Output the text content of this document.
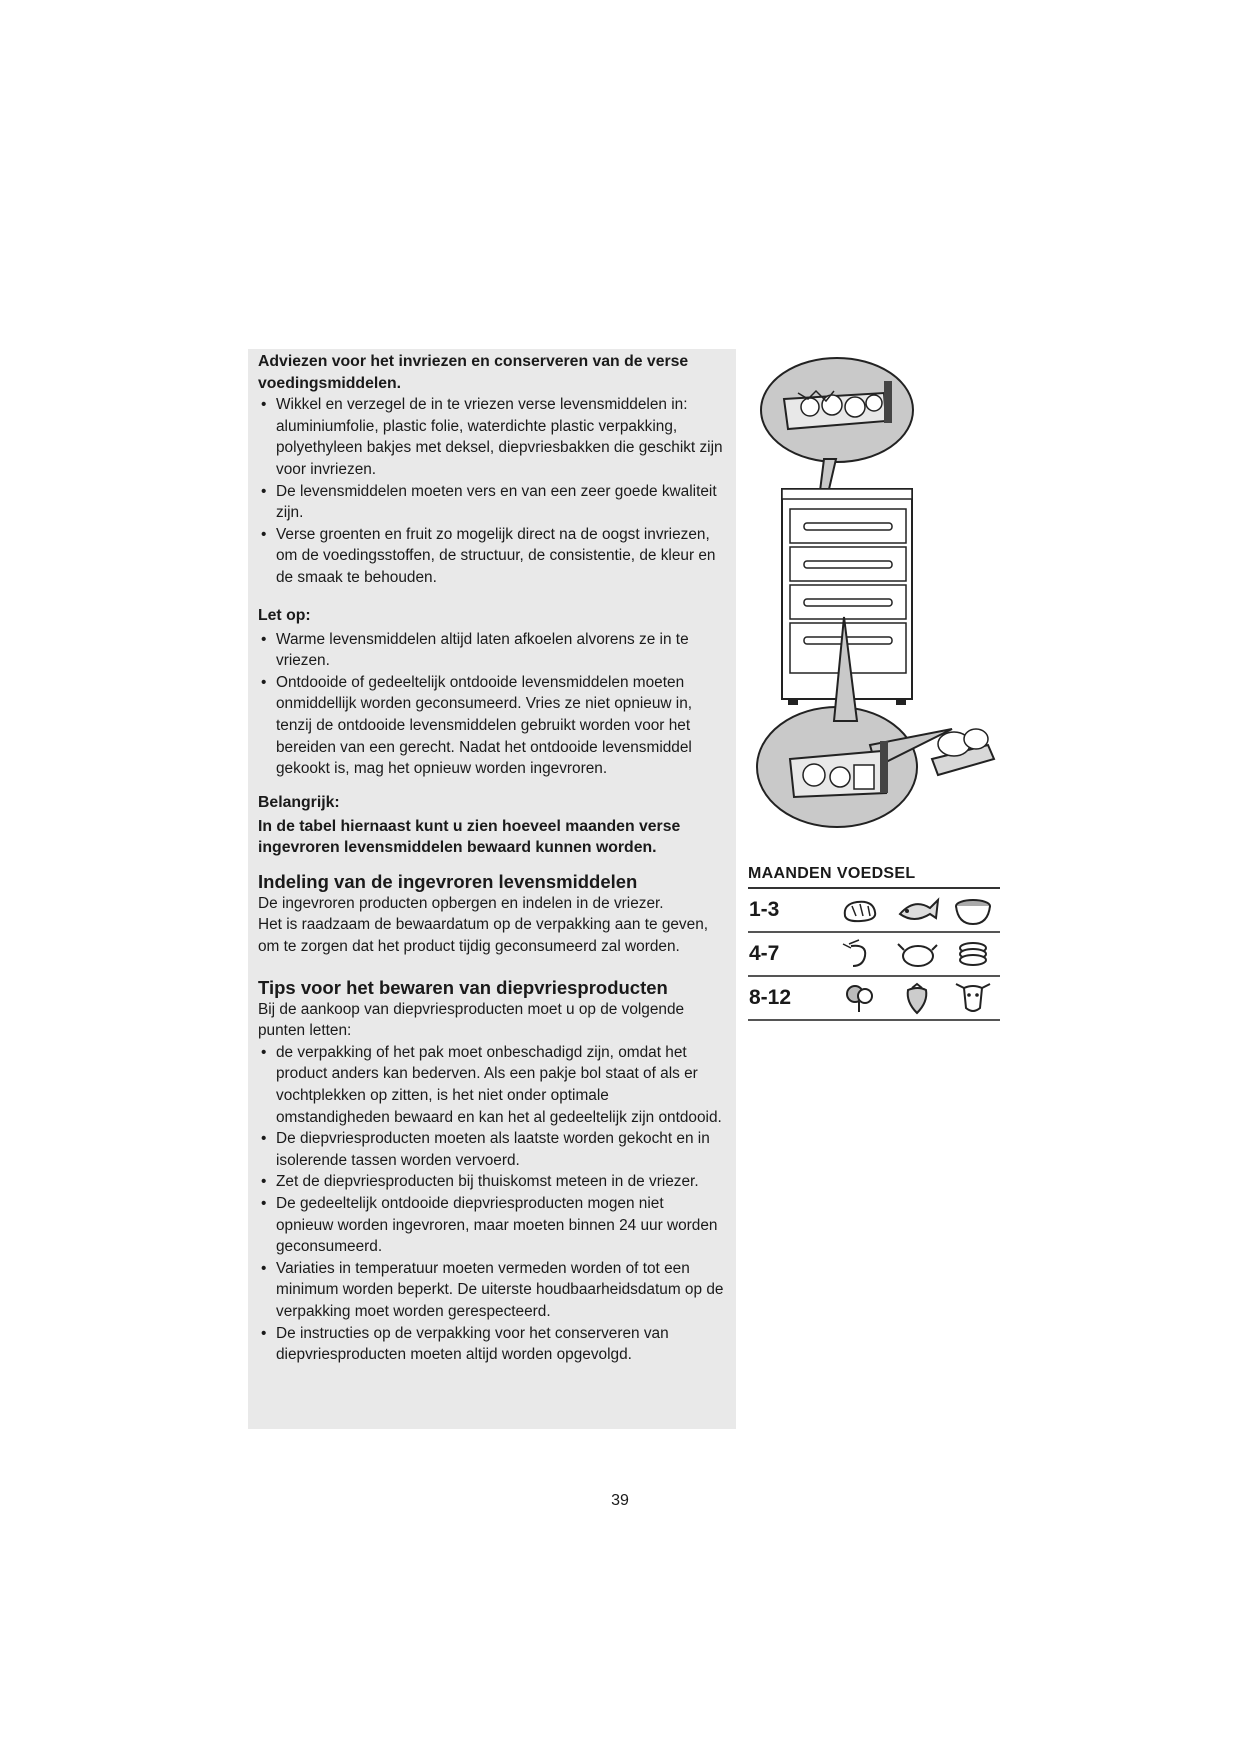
Adviezen voor het invriezen en conserveren van de verse voedingsmiddelen.

• Wikkel en verzegel de in te vriezen verse levensmiddelen in: aluminiumfolie, plastic folie, waterdichte plastic verpakking, polyethyleen bakjes met deksel, diepvriesbakken die geschikt zijn voor invriezen.
• De levensmiddelen moeten vers en van een zeer goede kwaliteit zijn.
• Verse groenten en fruit zo mogelijk direct na de oogst invriezen, om de voedingsstoffen, de structuur, de consistentie, de kleur en de smaak te behouden.

Let op:

• Warme levensmiddelen altijd laten afkoelen alvorens ze in te vriezen.
• Ontdooide of gedeeltelijk ontdooide levensmiddelen moeten onmiddellijk worden geconsumeerd. Vries ze niet opnieuw in, tenzij de ontdooide levensmiddelen gebruikt worden voor het bereiden van een gerecht. Nadat het ontdooide levensmiddel gekookt is, mag het opnieuw worden ingevroren.

Belangrijk:

In de tabel hiernaast kunt u zien hoeveel maanden verse ingevroren levensmiddelen bewaard kunnen worden.

Indeling van de ingevroren levensmiddelen

De ingevroren producten opbergen en indelen in de vriezer.

Het is raadzaam de bewaardatum op de verpakking aan te geven, om te zorgen dat het product tijdig geconsumeerd zal worden.

Tips voor het bewaren van diepvriesproducten

Bij de aankoop van diepvriesproducten moet u op de volgende punten letten:

• de verpakking of het pak moet onbeschadigd zijn, omdat het product anders kan bederven. Als een pakje bol staat of als er vochtplekken op zitten, is het niet onder optimale omstandigheden bewaard en kan het al gedeeltelijk zijn ontdooid.
• De diepvriesproducten moeten als laatste worden gekocht en in isolerende tassen worden vervoerd.
• Zet de diepvriesproducten bij thuiskomst meteen in de vriezer.
• De gedeeltelijk ontdooide diepvriesproducten mogen niet opnieuw worden ingevroren, maar moeten binnen 24 uur worden geconsumeerd.
• Variaties in temperatuur moeten vermeden worden of tot een minimum worden beperkt. De uiterste houdbaarheidsdatum op de verpakking moet worden gerespecteerd.
• De instructies op de verpakking voor het conserveren van diepvriesproducten moeten altijd worden opgevolgd.
MAANDEN VOEDSEL
1-3
4-7
8-12
39
